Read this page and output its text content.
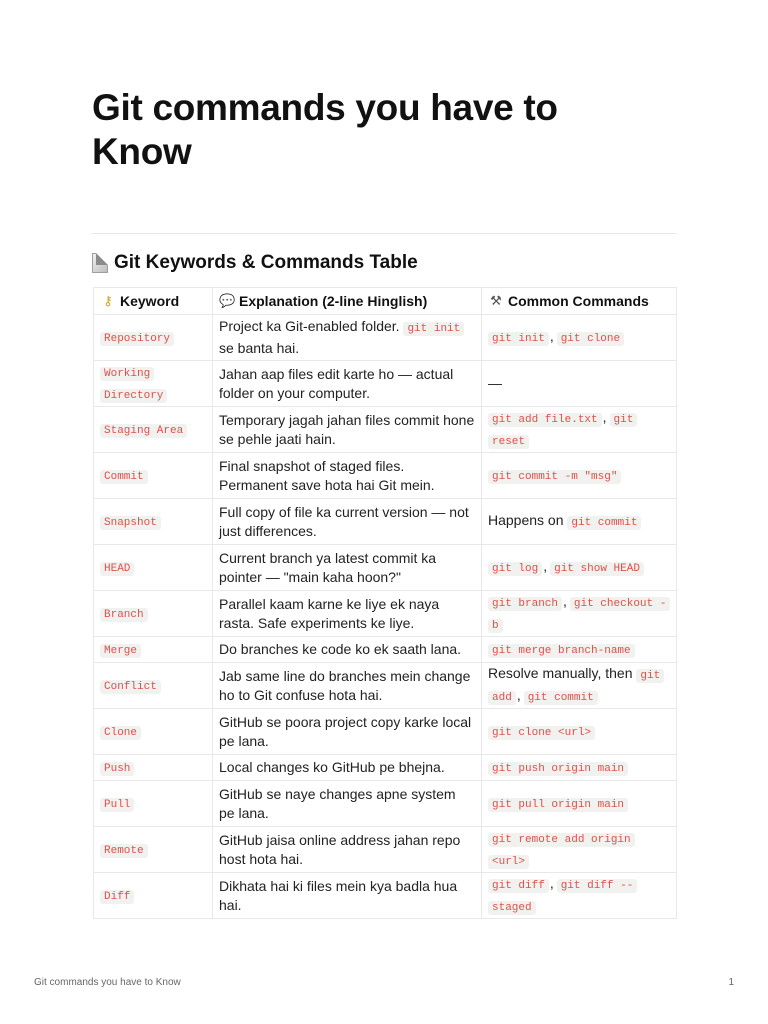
Git commands you have to Know
Git Keywords & Commands Table
⚷ Keyword	💬 Explanation (2-line Hinglish)	⚒ Common Commands

Repository	Project ka Git-enabled folder. git init se banta hai.	git init , git clone
Working Directory	Jahan aap files edit karte ho — actual folder on your computer.	—
Staging Area	Temporary jagah jahan files commit hone se pehle jaati hain.	git add file.txt , git reset
Commit	Final snapshot of staged files. Permanent save hota hai Git mein.	git commit -m "msg"
Snapshot	Full copy of file ka current version — not just differences.	Happens on git commit
HEAD	Current branch ya latest commit ka pointer — "main kaha hoon?"	git log , git show HEAD
Branch	Parallel kaam karne ke liye ek naya rasta. Safe experiments ke liye.	git branch , git checkout -b
Merge	Do branches ke code ko ek saath lana.	git merge branch-name
Conflict	Jab same line do branches mein change ho to Git confuse hota hai.	Resolve manually, then git add , git commit
Clone	GitHub se poora project copy karke local pe lana.	git clone <url>
Push	Local changes ko GitHub pe bhejna.	git push origin main
Pull	GitHub se naye changes apne system pe lana.	git pull origin main
Remote	GitHub jaisa online address jahan repo host hota hai.	git remote add origin <url>
Diff	Dikhata hai ki files mein kya badla hua hai.	git diff , git diff --staged
Git commands you have to Know	1
